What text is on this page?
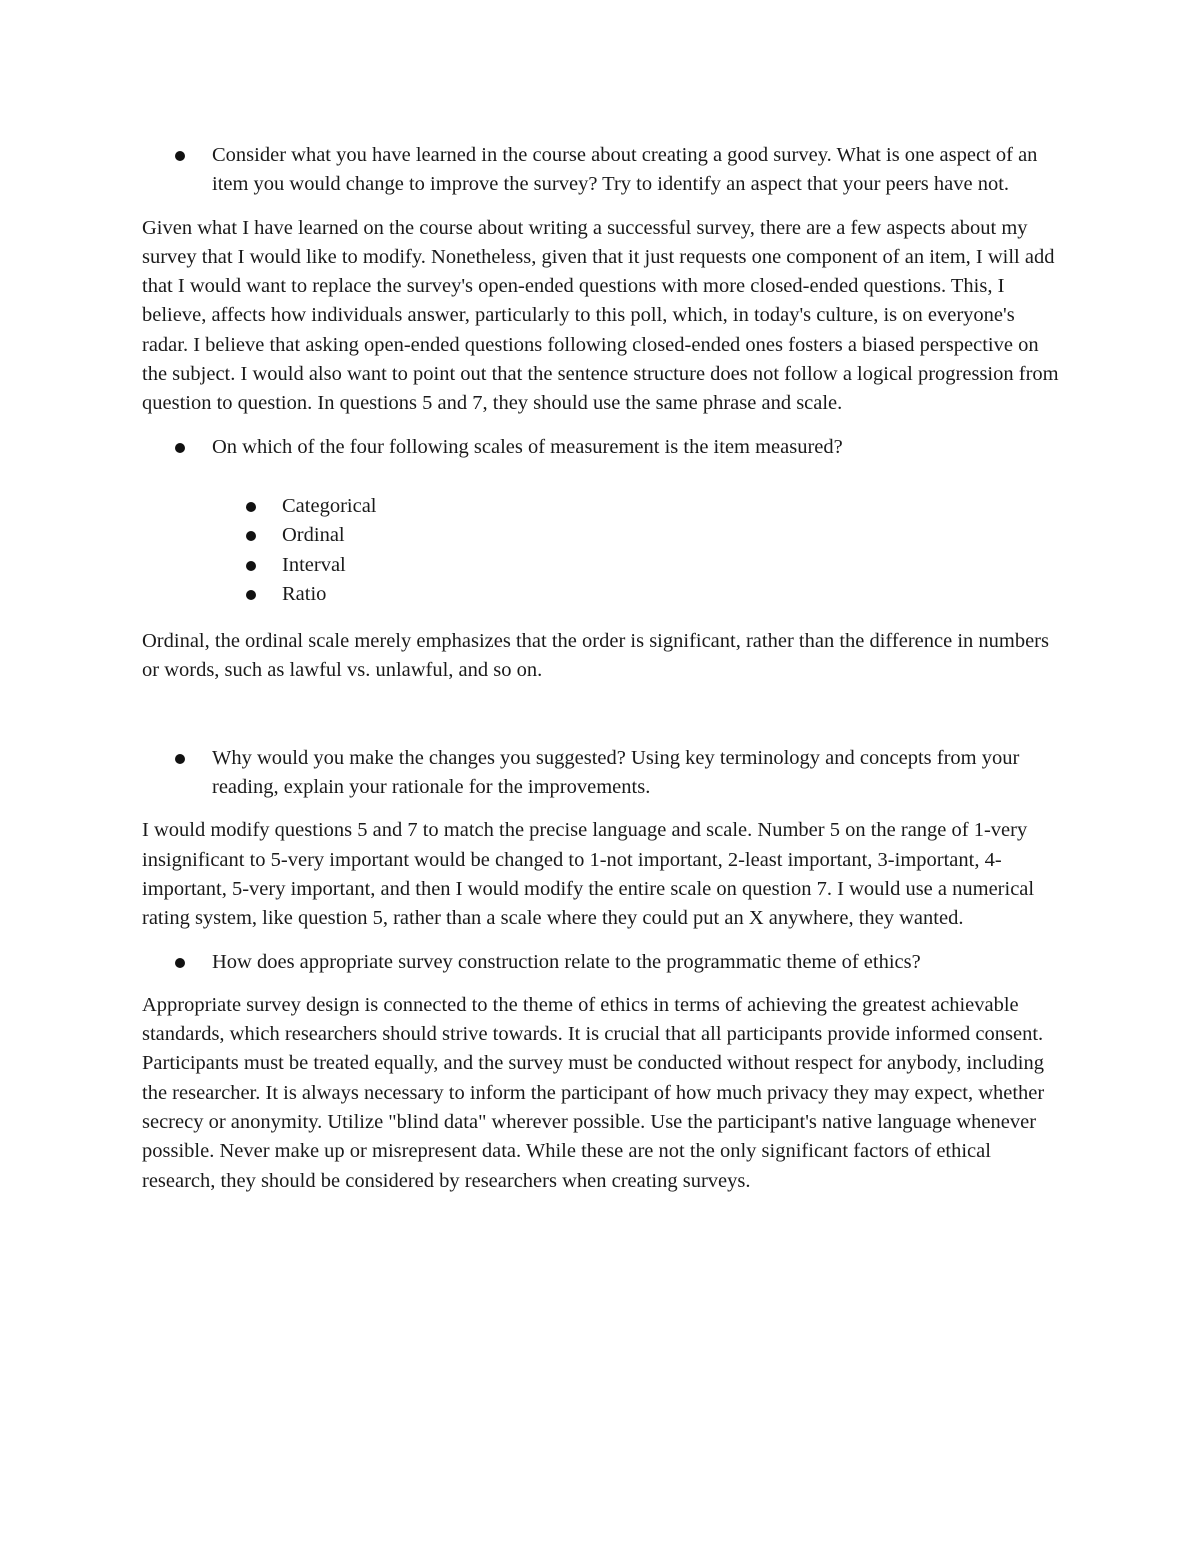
Consider what you have learned in the course about creating a good survey. What is one aspect of an item you would change to improve the survey? Try to identify an aspect that your peers have not.

Given what I have learned on the course about writing a successful survey, there are a few aspects about my survey that I would like to modify. Nonetheless, given that it just requests one component of an item, I will add that I would want to replace the survey's open-ended questions with more closed-ended questions. This, I believe, affects how individuals answer, particularly to this poll, which, in today's culture, is on everyone's radar. I believe that asking open-ended questions following closed-ended ones fosters a biased perspective on the subject. I would also want to point out that the sentence structure does not follow a logical progression from question to question. In questions 5 and 7, they should use the same phrase and scale.

On which of the four following scales of measurement is the item measured?
Categorical
Ordinal
Interval
Ratio

Ordinal, the ordinal scale merely emphasizes that the order is significant, rather than the difference in numbers or words, such as lawful vs. unlawful, and so on.

Why would you make the changes you suggested? Using key terminology and concepts from your reading, explain your rationale for the improvements.

I would modify questions 5 and 7 to match the precise language and scale. Number 5 on the range of 1-very insignificant to 5-very important would be changed to 1-not important, 2-least important, 3-important, 4-important, 5-very important, and then I would modify the entire scale on question 7. I would use a numerical rating system, like question 5, rather than a scale where they could put an X anywhere, they wanted.

How does appropriate survey construction relate to the programmatic theme of ethics?

Appropriate survey design is connected to the theme of ethics in terms of achieving the greatest achievable standards, which researchers should strive towards. It is crucial that all participants provide informed consent. Participants must be treated equally, and the survey must be conducted without respect for anybody, including the researcher. It is always necessary to inform the participant of how much privacy they may expect, whether secrecy or anonymity. Utilize "blind data" wherever possible. Use the participant's native language whenever possible. Never make up or misrepresent data. While these are not the only significant factors of ethical research, they should be considered by researchers when creating surveys.
